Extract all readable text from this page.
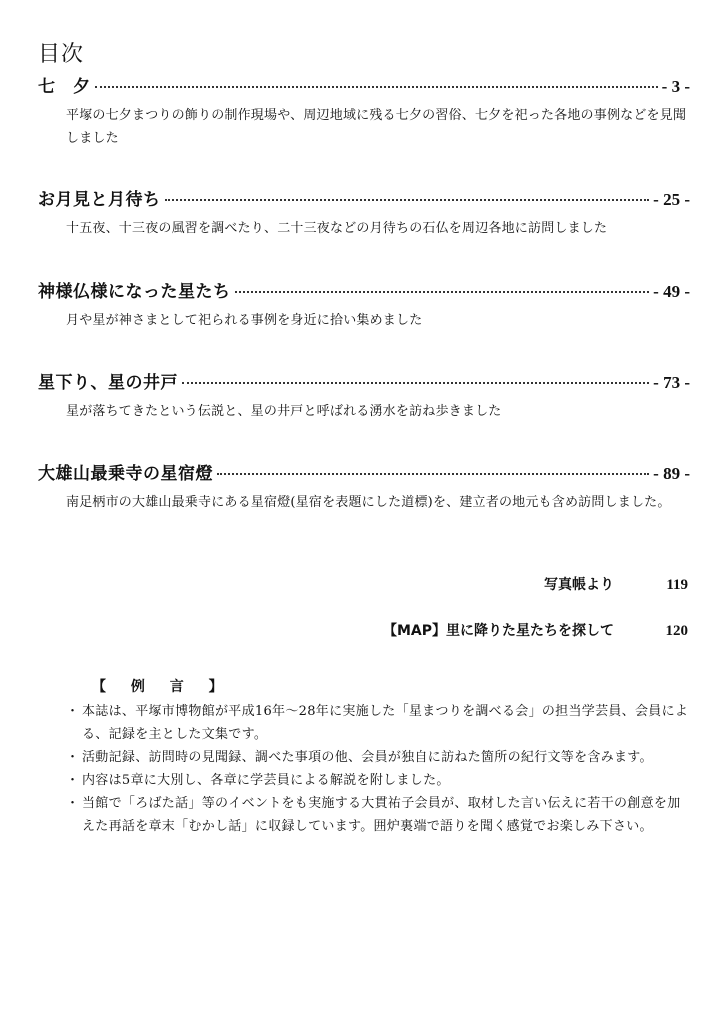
目次
七　夕	- 3 -

平塚の七夕まつりの飾りの制作現場や、周辺地域に残る七夕の習俗、七夕を祀った各地の事例などを見聞しました

お月見と月待ち	- 25 -

十五夜、十三夜の風習を調べたり、二十三夜などの月待ちの石仏を周辺各地に訪問しました

神様仏様になった星たち	- 49 -

月や星が神さまとして祀られる事例を身近に拾い集めました

星下り、星の井戸	- 73 -

星が落ちてきたという伝説と、星の井戸と呼ばれる湧水を訪ね歩きました

大雄山最乗寺の星宿燈	- 89 -

南足柄市の大雄山最乗寺にある星宿燈(星宿を表題にした道標)を、建立者の地元も含め訪問しました。

写真帳より	119
【MAP】里に降りた星たちを探して	120
【 例 言 】
・ 本誌は、平塚市博物館が平成16年～28年に実施した「星まつりを調べる会」の担当学芸員、会員による、記録を主とした文集です。
・ 活動記録、訪問時の見聞録、調べた事項の他、会員が独自に訪ねた箇所の紀行文等を含みます。
・ 内容は5章に大別し、各章に学芸員による解説を附しました。
・ 当館で「ろばた話」等のイベントをも実施する大貫祐子会員が、取材した言い伝えに若干の創意を加えた再話を章末「むかし話」に収録しています。囲炉裏端で語りを聞く感覚でお楽しみ下さい。
